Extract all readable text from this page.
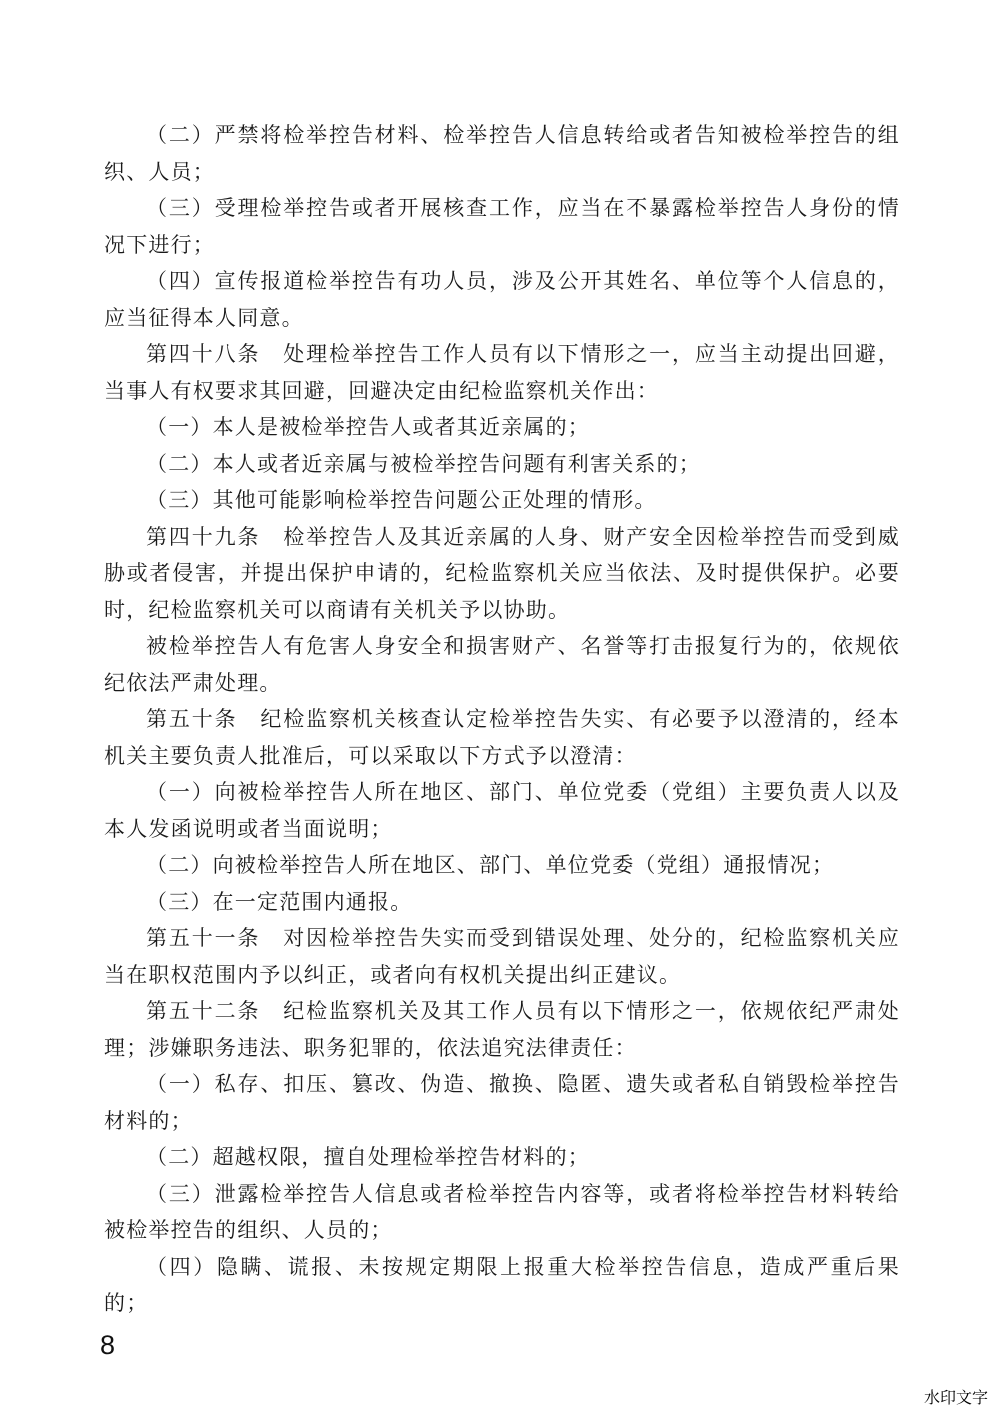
（二）严禁将检举控告材料、检举控告人信息转给或者告知被检举控告的组织、人员；

（三）受理检举控告或者开展核查工作，应当在不暴露检举控告人身份的情况下进行；

（四）宣传报道检举控告有功人员，涉及公开其姓名、单位等个人信息的，应当征得本人同意。

第四十八条　处理检举控告工作人员有以下情形之一，应当主动提出回避，当事人有权要求其回避，回避决定由纪检监察机关作出：

（一）本人是被检举控告人或者其近亲属的；

（二）本人或者近亲属与被检举控告问题有利害关系的；

（三）其他可能影响检举控告问题公正处理的情形。

第四十九条　检举控告人及其近亲属的人身、财产安全因检举控告而受到威胁或者侵害，并提出保护申请的，纪检监察机关应当依法、及时提供保护。必要时，纪检监察机关可以商请有关机关予以协助。

被检举控告人有危害人身安全和损害财产、名誉等打击报复行为的，依规依纪依法严肃处理。

第五十条　纪检监察机关核查认定检举控告失实、有必要予以澄清的，经本机关主要负责人批准后，可以采取以下方式予以澄清：

（一）向被检举控告人所在地区、部门、单位党委（党组）主要负责人以及本人发函说明或者当面说明；

（二）向被检举控告人所在地区、部门、单位党委（党组）通报情况；

（三）在一定范围内通报。

第五十一条　对因检举控告失实而受到错误处理、处分的，纪检监察机关应当在职权范围内予以纠正，或者向有权机关提出纠正建议。

第五十二条　纪检监察机关及其工作人员有以下情形之一，依规依纪严肃处理；涉嫌职务违法、职务犯罪的，依法追究法律责任：

（一）私存、扣压、篡改、伪造、撤换、隐匿、遗失或者私自销毁检举控告材料的；

（二）超越权限，擅自处理检举控告材料的；

（三）泄露检举控告人信息或者检举控告内容等，或者将检举控告材料转给被检举控告的组织、人员的；

（四）隐瞒、谎报、未按规定期限上报重大检举控告信息，造成严重后果的；

8
水印文字
